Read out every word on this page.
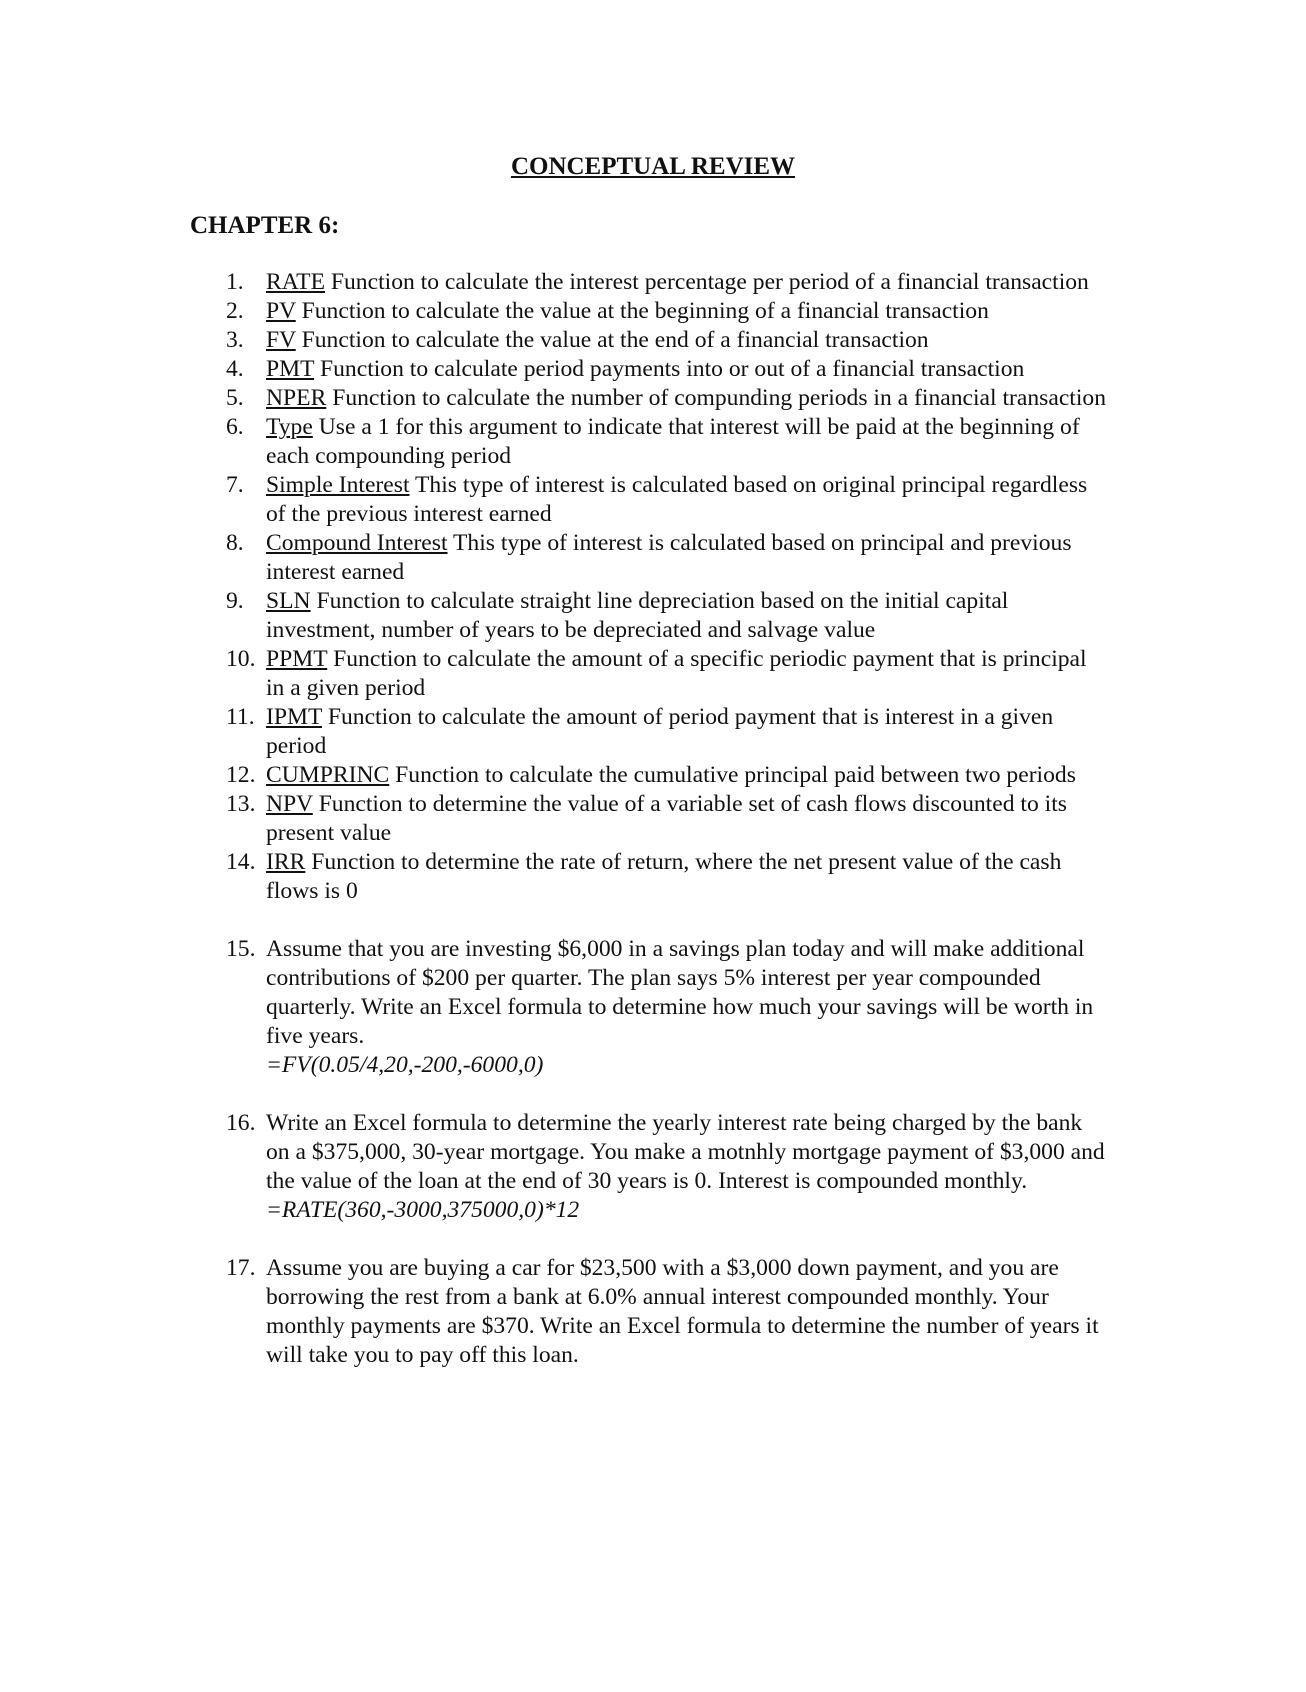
CONCEPTUAL REVIEW
CHAPTER 6:
1. RATE Function to calculate the interest percentage per period of a financial transaction
2. PV Function to calculate the value at the beginning of a financial transaction
3. FV Function to calculate the value at the end of a financial transaction
4. PMT Function to calculate period payments into or out of a financial transaction
5. NPER Function to calculate the number of compunding periods in a financial transaction
6. Type Use a 1 for this argument to indicate that interest will be paid at the beginning of each compounding period
7. Simple Interest This type of interest is calculated based on original principal regardless of the previous interest earned
8. Compound Interest This type of interest is calculated based on principal and previous interest earned
9. SLN Function to calculate straight line depreciation based on the initial capital investment, number of years to be depreciated and salvage value
10. PPMT Function to calculate the amount of a specific periodic payment that is principal in a given period
11. IPMT Function to calculate the amount of period payment that is interest in a given period
12. CUMPRINC Function to calculate the cumulative principal paid between two periods
13. NPV Function to determine the value of a variable set of cash flows discounted to its present value
14. IRR Function to determine the rate of return, where the net present value of the cash flows is 0
15. Assume that you are investing $6,000 in a savings plan today and will make additional contributions of $200 per quarter. The plan says 5% interest per year compounded quarterly. Write an Excel formula to determine how much your savings will be worth in five years.
=FV(0.05/4,20,-200,-6000,0)
16. Write an Excel formula to determine the yearly interest rate being charged by the bank on a $375,000, 30-year mortgage. You make a motnhly mortgage payment of $3,000 and the value of the loan at the end of 30 years is 0. Interest is compounded monthly.
=RATE(360,-3000,375000,0)*12
17. Assume you are buying a car for $23,500 with a $3,000 down payment, and you are borrowing the rest from a bank at 6.0% annual interest compounded monthly. Your monthly payments are $370. Write an Excel formula to determine the number of years it will take you to pay off this loan.
